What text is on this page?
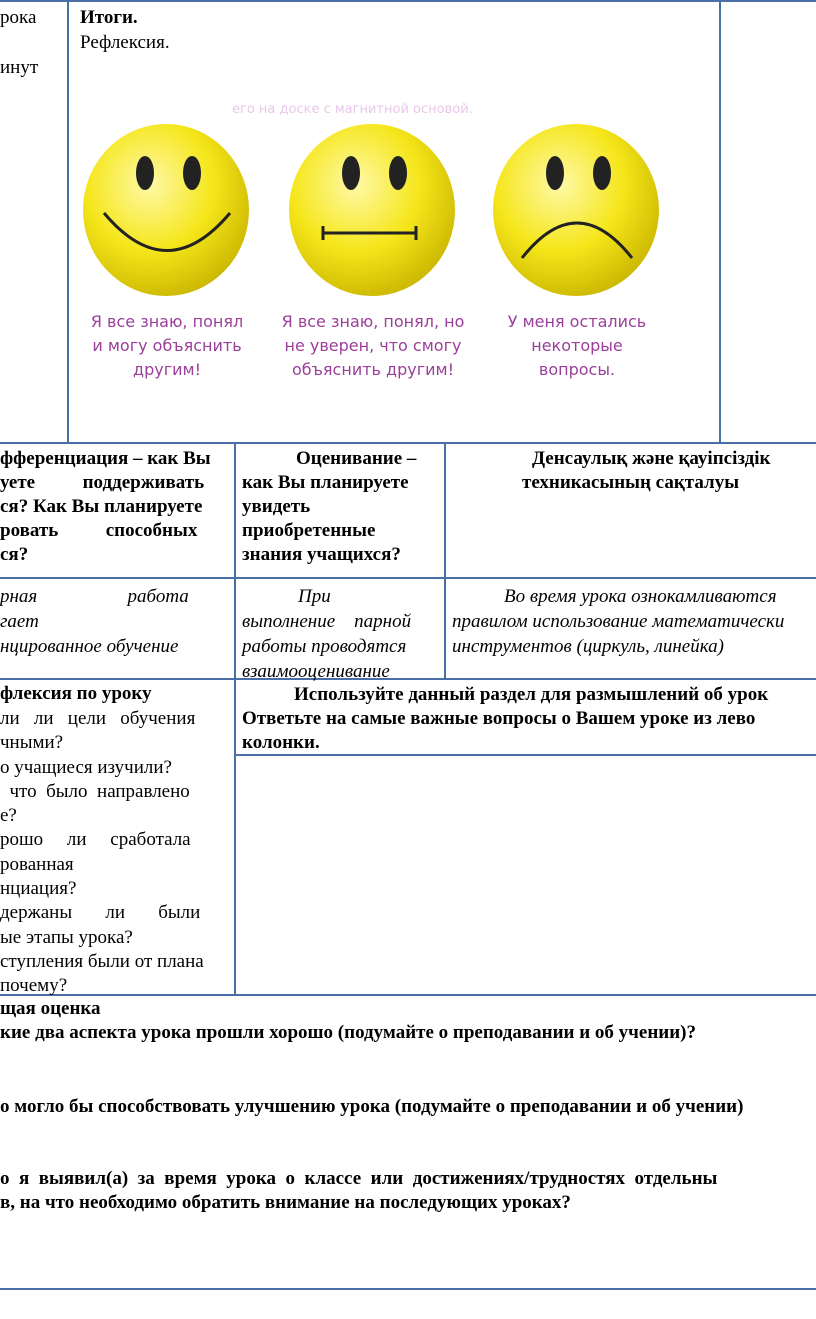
рока
инут
Итоги.
Рефлексия.
его на доске с магнитной основой.
Я все знаю, понял
и могу объяснить
другим!
Я все знаю, понял, но
не уверен, что смогу
объяснить другим!
У меня остались
некоторые
вопросы.
фференциация – как Вы
уете          поддерживать
ся? Как Вы планируете
ровать          способных
ся?
Оценивание –
как Вы планируете
увидеть
приобретенные
знания учащихся?
Денсаулық және қауіпсіздік
техникасының сақталуы
рная                   работа
гает
нцированное обучение
При
выполнение    парной
работы проводятся
взаимооценивание
Во время урока ознокамливаются
правилом использование математически
инструментов (циркуль, линейка)
флексия по уроку
ли   ли   цели   обучения
чными?
о учащиеся изучили?
что  было  направлено
е?
рошо     ли     сработала
рованная
нциация?
держаны       ли       были
ые этапы урока?
ступления были от плана
почему?
Используйте данный раздел для размышлений об урок
Ответьте на самые важные вопросы о Вашем уроке из лево
колонки.
щая оценка
кие два аспекта урока прошли хорошо (подумайте о преподавании и об учении)?
о могло бы способствовать улучшению урока (подумайте о преподавании и об учении)
о  я  выявил(а)  за  время  урока  о  классе  или  достижениях/трудностях  отдельны
в, на что необходимо обратить внимание на последующих уроках?
